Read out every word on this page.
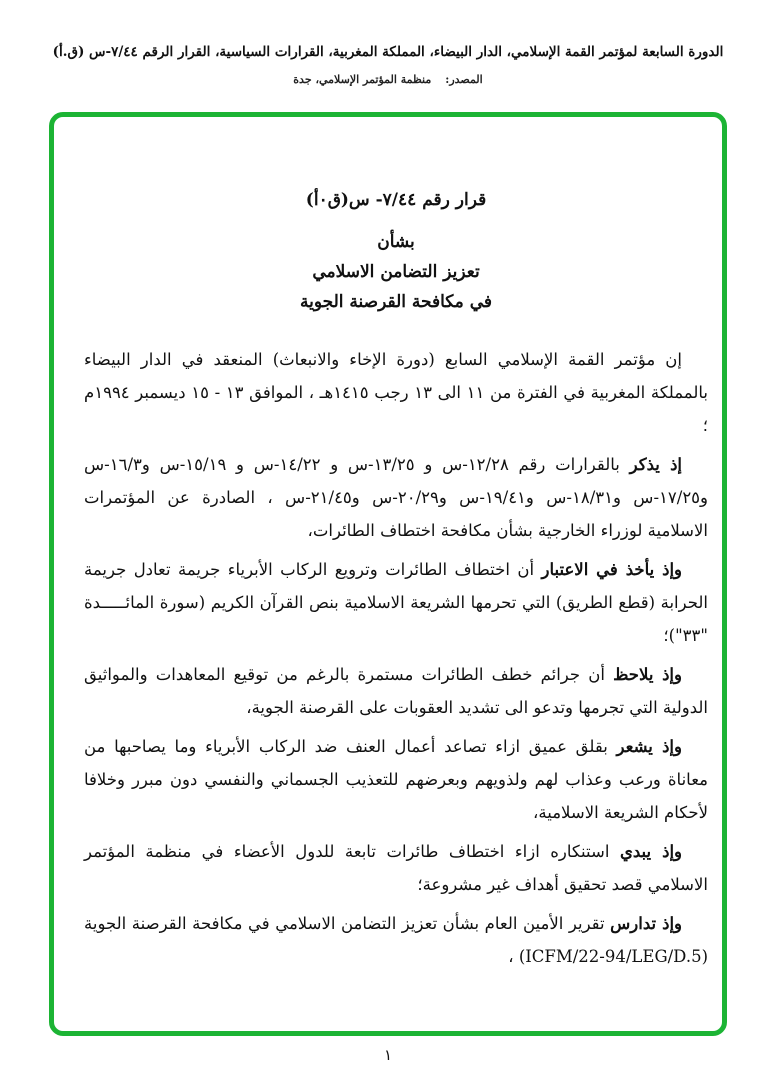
الدورة السابعة لمؤتمر القمة الإسلامي، الدار البيضاء، المملكة المغربية، القرارات السياسية، القرار الرقم ٧/٤٤-س (ق.أ)
المصدر:منظمة المؤتمر الإسلامي، جدة
قرار رقم ٧/٤٤- س(ق٠أ)
بشأن
تعزيز التضامن الاسلامي
في مكافحة القرصنة الجوية

إن مؤتمر القمة الإسلامي السابع (دورة الإخاء والانبعاث) المنعقد في الدار البيضاء بالمملكة المغربية في الفترة من ١١ الى ١٣ رجب ١٤١٥هـ ، الموافق ١٣ - ١٥ ديسمبر ١٩٩٤م ؛

إذ يذكر بالقرارات رقم ١٢/٢٨-س و ١٣/٢٥-س و ١٤/٢٢-س و ١٥/١٩-س و١٦/٣-س و١٧/٢٥-س و١٨/٣١-س و١٩/٤١-س و٢٠/٢٩-س و٢١/٤٥-س ، الصادرة عن المؤتمرات الاسلامية لوزراء الخارجية بشأن مكافحة اختطاف الطائرات،

وإذ يأخذ في الاعتبار أن اختطاف الطائرات وترويع الركاب الأبرياء جريمة تعادل جريمة الحرابة (قطع الطريق) التي تحرمها الشريعة الاسلامية بنص القرآن الكريم (سورة المائـــــدة "٣٣")؛

وإذ يلاحظ أن جرائم خطف الطائرات مستمرة بالرغم من توقيع المعاهدات والمواثيق الدولية التي تجرمها وتدعو الى تشديد العقوبات على القرصنة الجوية،

وإذ يشعر بقلق عميق ازاء تصاعد أعمال العنف ضد الركاب الأبرياء وما يصاحبها من معاناة ورعب وعذاب لهم ولذويهم وبعرضهم للتعذيب الجسماني والنفسي دون مبرر وخلافا لأحكام الشريعة الاسلامية،

وإذ يبدي استنكاره ازاء اختطاف طائرات تابعة للدول الأعضاء في منظمة المؤتمر الاسلامي قصد تحقيق أهداف غير مشروعة؛

وإذ تدارس تقرير الأمين العام بشأن تعزيز التضامن الاسلامي في مكافحة القرصنة الجوية (ICFM/22-94/LEG/D.5) ،

١
